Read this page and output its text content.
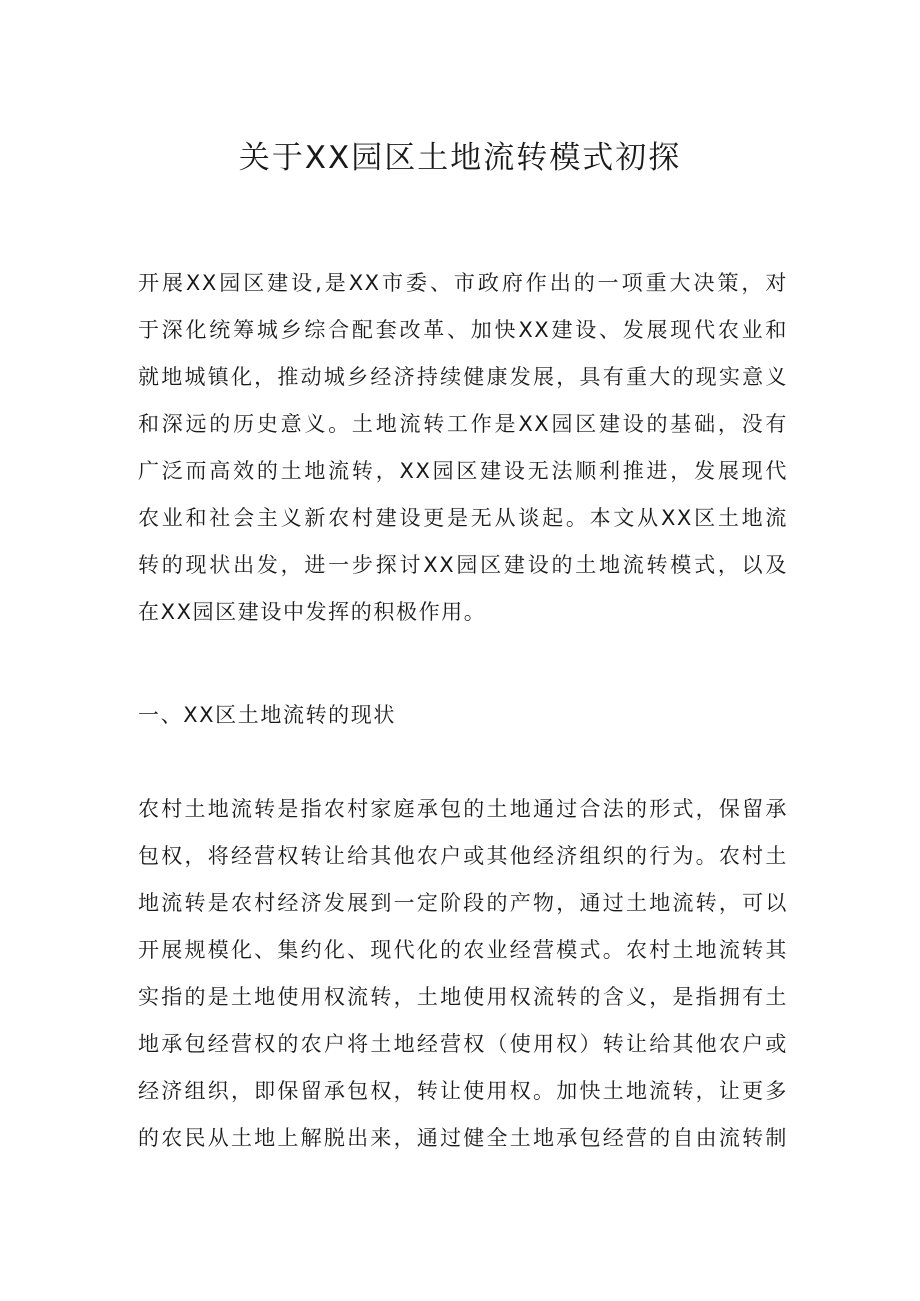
关于XX园区土地流转模式初探

开展XX园区建设,是XX市委、市政府作出的一项重大决策，对
于深化统筹城乡综合配套改革、加快XX建设、发展现代农业和
就地城镇化，推动城乡经济持续健康发展，具有重大的现实意义
和深远的历史意义。土地流转工作是XX园区建设的基础，没有
广泛而高效的土地流转，XX园区建设无法顺利推进，发展现代
农业和社会主义新农村建设更是无从谈起。本文从XX区土地流
转的现状出发，进一步探讨XX园区建设的土地流转模式，以及
在XX园区建设中发挥的积极作用。

一、XX区土地流转的现状

农村土地流转是指农村家庭承包的土地通过合法的形式，保留承
包权，将经营权转让给其他农户或其他经济组织的行为。农村土
地流转是农村经济发展到一定阶段的产物，通过土地流转，可以
开展规模化、集约化、现代化的农业经营模式。农村土地流转其
实指的是土地使用权流转，土地使用权流转的含义，是指拥有土
地承包经营权的农户将土地经营权（使用权）转让给其他农户或
经济组织，即保留承包权，转让使用权。加快土地流转，让更多
的农民从土地上解脱出来，通过健全土地承包经营的自由流转制
